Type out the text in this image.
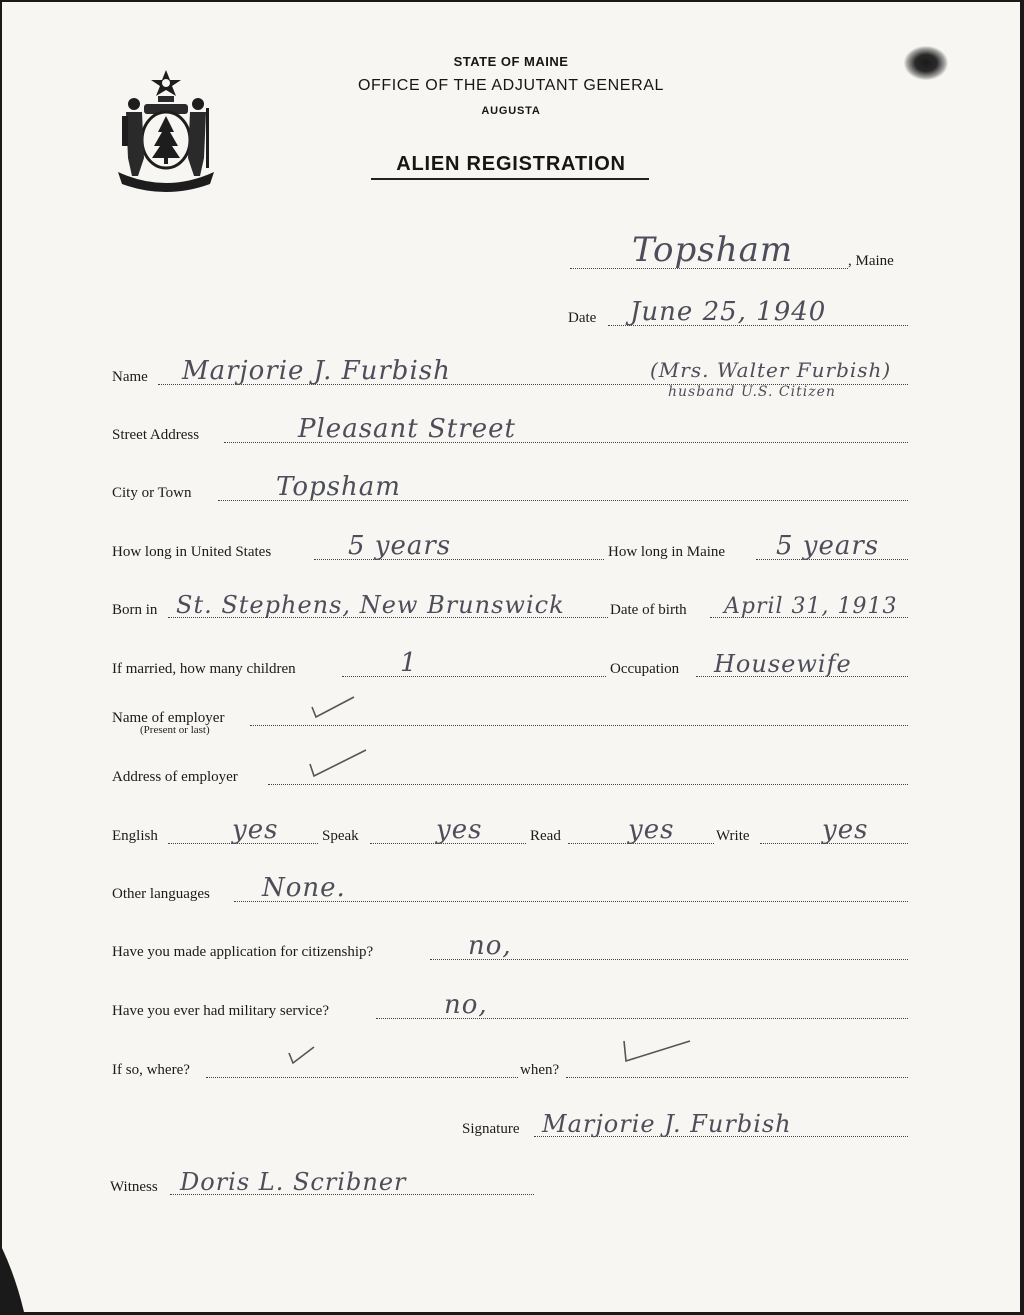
MAINE
STATE OF MAINE
OFFICE OF THE ADJUTANT GENERAL
AUGUSTA
ALIEN REGISTRATION
Topsham	, Maine
Date June 25, 1940
Name Marjorie J. Furbish	(Mrs. Walter Furbish)
husband U.S. Citizen
Street Address	Pleasant Street
City or Town	Topsham
How long in United States	5 years	How long in Maine 5 years
Born in St. Stephens, New Brunswick	Date of birth April 31, 1913
If married, how many children	1	Occupation Housewife
Name of employer
(Present or last)
Address of employer
English	yes	Speak	yes	Read	yes	Write	yes
Other languages None.
Have you made application for citizenship?	no,
Have you ever had military service?	no,
If so, where?	when?
Signature Marjorie J. Furbish
Witness Doris L. Scribner
